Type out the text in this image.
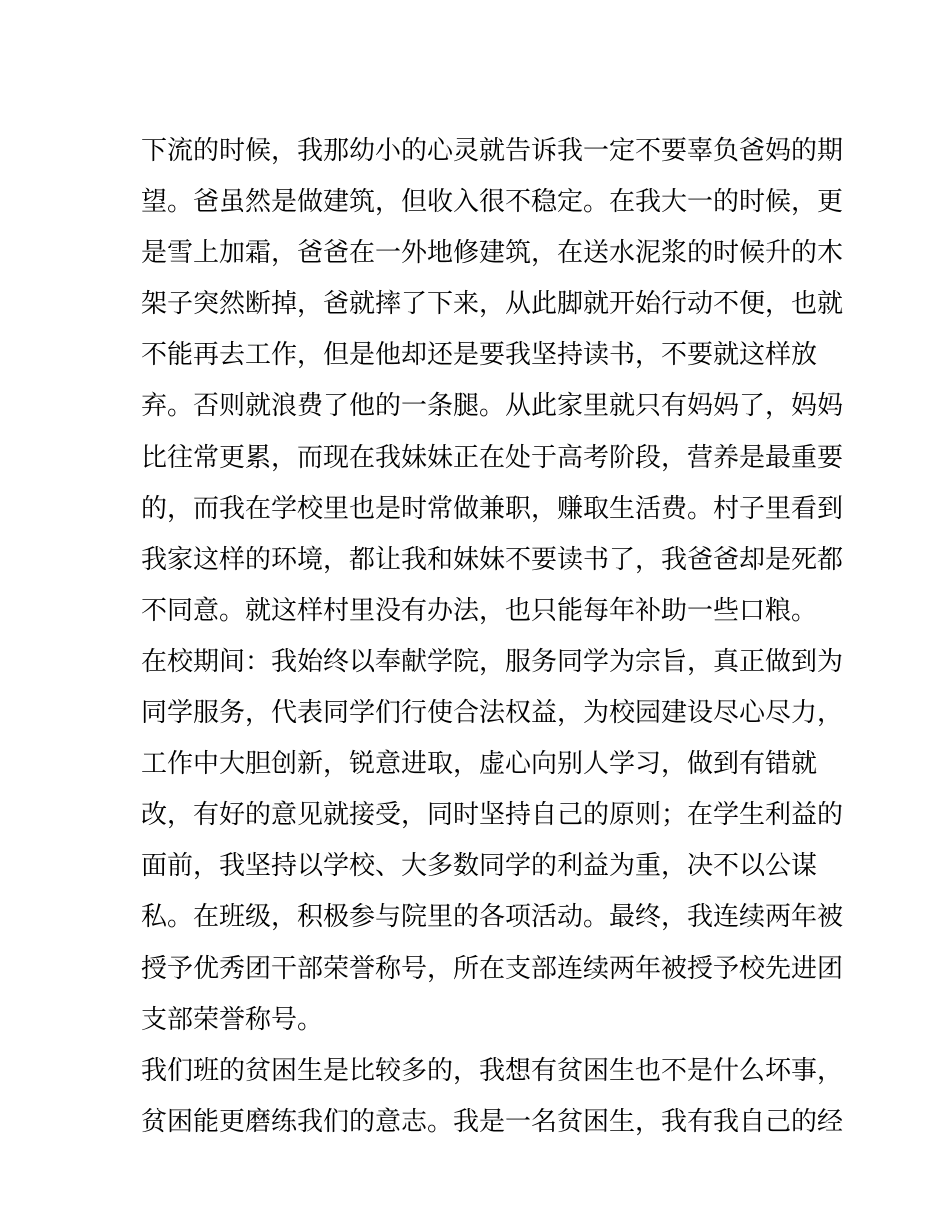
下流的时候，我那幼小的心灵就告诉我一定不要辜负爸妈的期
望。爸虽然是做建筑，但收入很不稳定。在我大一的时候，更
是雪上加霜，爸爸在一外地修建筑，在送水泥浆的时候升的木
架子突然断掉，爸就摔了下来，从此脚就开始行动不便，也就
不能再去工作，但是他却还是要我坚持读书，不要就这样放
弃。否则就浪费了他的一条腿。从此家里就只有妈妈了，妈妈
比往常更累，而现在我妹妹正在处于高考阶段，营养是最重要
的，而我在学校里也是时常做兼职，赚取生活费。村子里看到
我家这样的环境，都让我和妹妹不要读书了，我爸爸却是死都
不同意。就这样村里没有办法，也只能每年补助一些口粮。
在校期间：我始终以奉献学院，服务同学为宗旨，真正做到为
同学服务，代表同学们行使合法权益，为校园建设尽心尽力，
工作中大胆创新，锐意进取，虚心向别人学习，做到有错就
改，有好的意见就接受，同时坚持自己的原则；在学生利益的
面前，我坚持以学校、大多数同学的利益为重，决不以公谋
私。在班级，积极参与院里的各项活动。最终，我连续两年被
授予优秀团干部荣誉称号，所在支部连续两年被授予校先进团
支部荣誉称号。
我们班的贫困生是比较多的，我想有贫困生也不是什么坏事，
贫困能更磨练我们的意志。我是一名贫困生，我有我自己的经
